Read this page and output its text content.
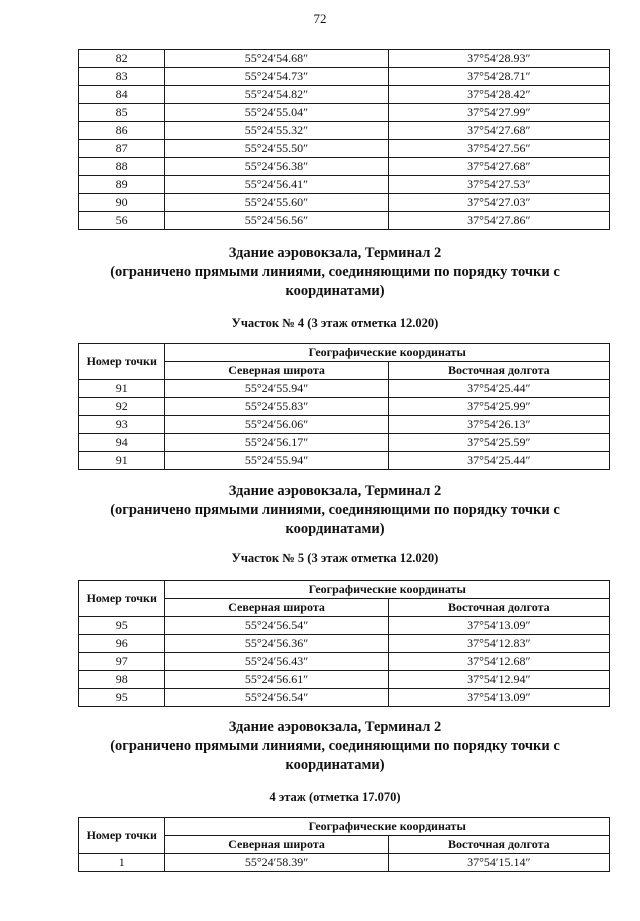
72
82	55°24′54.68″	37°54′28.93″
83	55°24′54.73″	37°54′28.71″
84	55°24′54.82″	37°54′28.42″
85	55°24′55.04″	37°54′27.99″
86	55°24′55.32″	37°54′27.68″
87	55°24′55.50″	37°54′27.56″
88	55°24′56.38″	37°54′27.68″
89	55°24′56.41″	37°54′27.53″
90	55°24′55.60″	37°54′27.03″
56	55°24′56.56″	37°54′27.86″
Здание аэровокзала, Терминал 2
(ограничено прямыми линиями, соединяющими по порядку точки с
координатами)
Участок № 4 (3 этаж отметка 12.020)
Номер точки	Географические координаты	
	Северная широта	Восточная долгота
91	55°24′55.94″	37°54′25.44″
92	55°24′55.83″	37°54′25.99″
93	55°24′56.06″	37°54′26.13″
94	55°24′56.17″	37°54′25.59″
91	55°24′55.94″	37°54′25.44″
Здание аэровокзала, Терминал 2
(ограничено прямыми линиями, соединяющими по порядку точки с
координатами)
Участок № 5 (3 этаж отметка 12.020)
Номер точки	Географические координаты	
	Северная широта	Восточная долгота
95	55°24′56.54″	37°54′13.09″
96	55°24′56.36″	37°54′12.83″
97	55°24′56.43″	37°54′12.68″
98	55°24′56.61″	37°54′12.94″
95	55°24′56.54″	37°54′13.09″
Здание аэровокзала, Терминал 2
(ограничено прямыми линиями, соединяющими по порядку точки с
координатами)
4 этаж (отметка 17.070)
Номер точки	Географические координаты	
	Северная широта	Восточная долгота
1	55°24′58.39″	37°54′15.14″
